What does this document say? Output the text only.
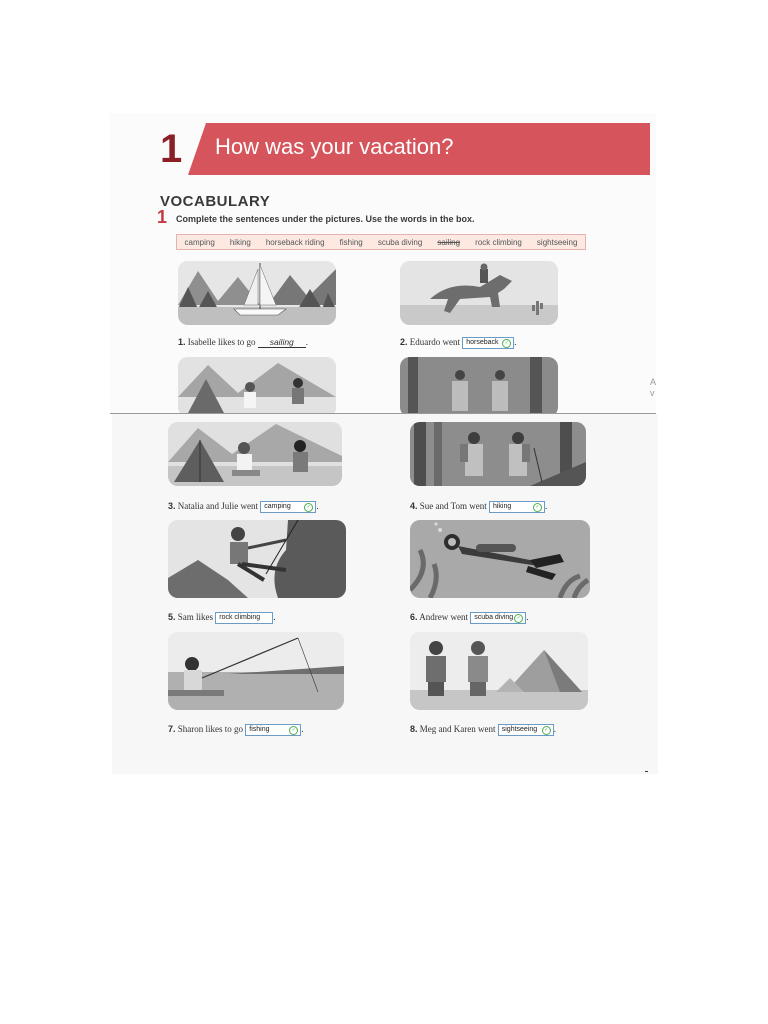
1 How was your vacation?
VOCABULARY
1 Complete the sentences under the pictures. Use the words in the box.
camping hiking horseback riding fishing scuba diving sailing rock climbing sightseeing
1. Isabelle likes to go sailing .	2. Eduardo went horseback	✓ .
A
v
3. Natalia and Julie went camping	✓ .	4. Sue and Tom went hiking	✓ .
5. Sam likes rock climbing .	6. Andrew went scuba diving ✓ .
7. Sharon likes to go fishing	✓ .	8. Meg and Karen went sightseeing	✓ .
